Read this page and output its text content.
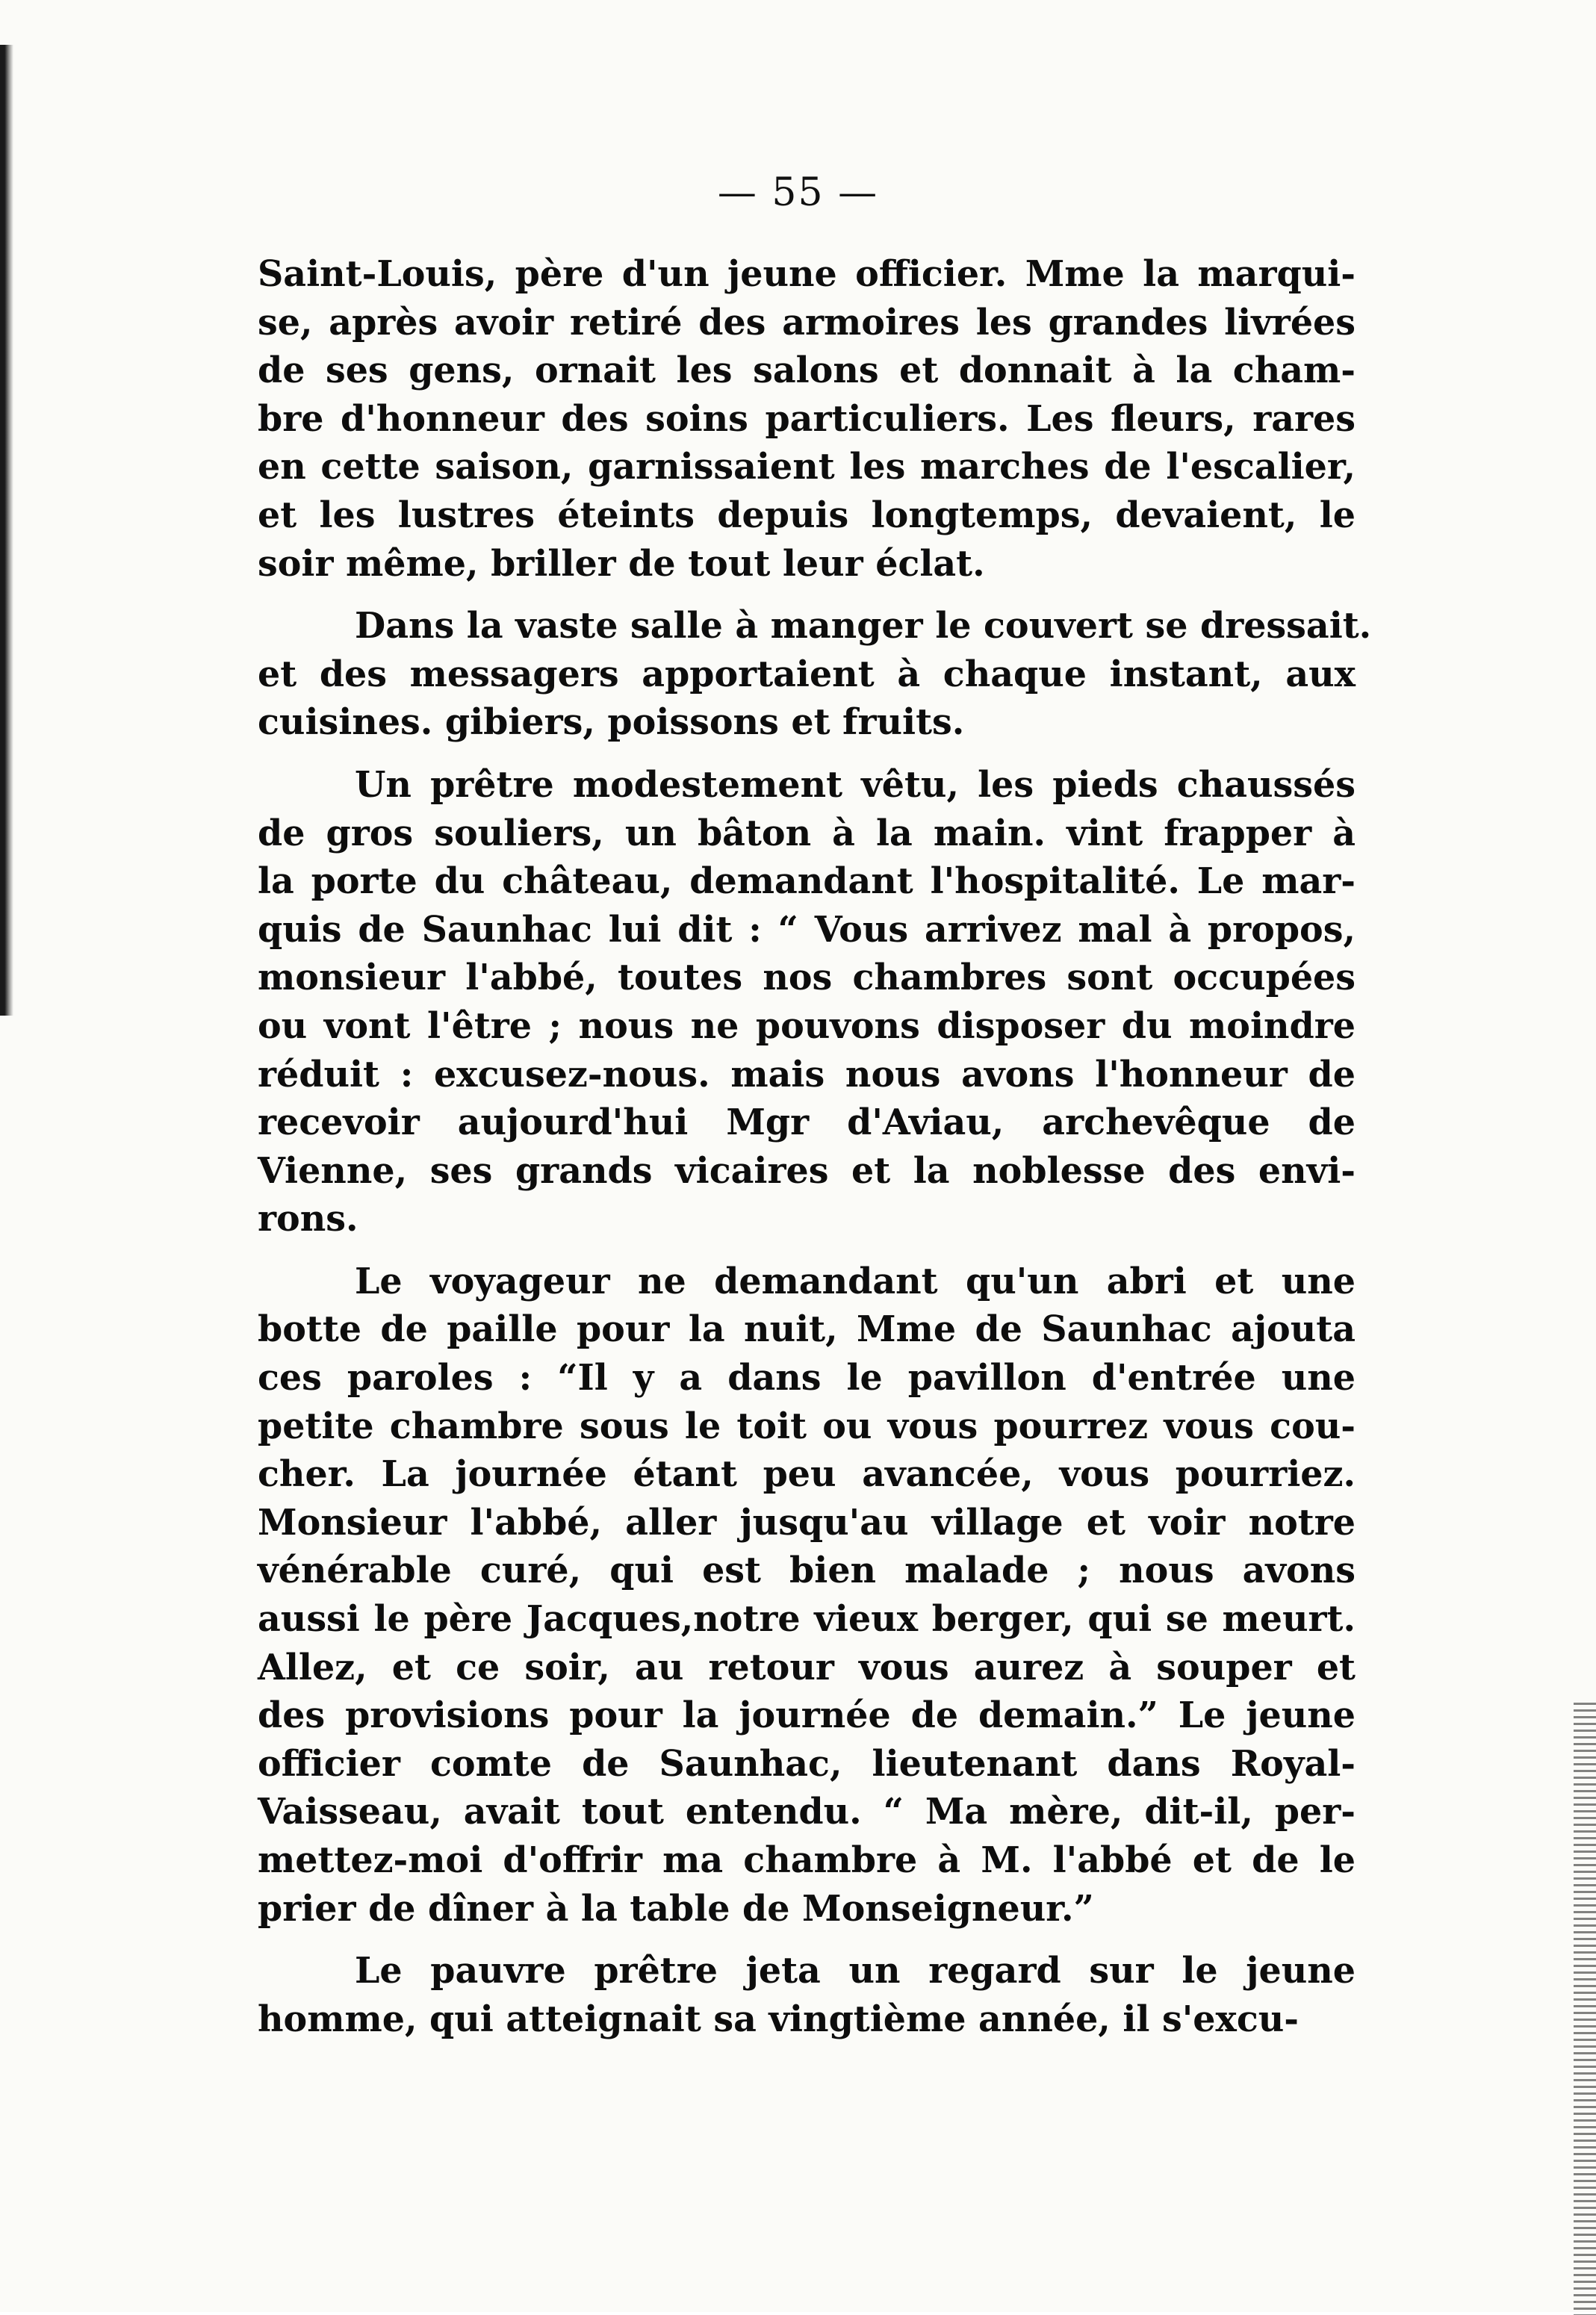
— 55 —
Saint-Louis, père d'un jeune officier. Mme la marqui-
se, après avoir retiré des armoires les grandes livrées
de ses gens, ornait les salons et donnait à la cham-
bre d'honneur des soins particuliers. Les fleurs, rares
en cette saison, garnissaient les marches de l'escalier,
et les lustres éteints depuis longtemps, devaient, le
soir même, briller de tout leur éclat.
Dans la vaste salle à manger le couvert se dressait.
et des messagers apportaient à chaque instant, aux
cuisines. gibiers, poissons et fruits.
Un prêtre modestement vêtu, les pieds chaussés
de gros souliers, un bâton à la main. vint frapper à
la porte du château, demandant l'hospitalité. Le mar-
quis de Saunhac lui dit : “ Vous arrivez mal à propos,
monsieur l'abbé, toutes nos chambres sont occupées
ou vont l'être ; nous ne pouvons disposer du moindre
réduit : excusez-nous. mais nous avons l'honneur de
recevoir aujourd'hui Mgr d'Aviau, archevêque de
Vienne, ses grands vicaires et la noblesse des envi-
rons.
Le voyageur ne demandant qu'un abri et une
botte de paille pour la nuit, Mme de Saunhac ajouta
ces paroles : “Il y a dans le pavillon d'entrée une
petite chambre sous le toit ou vous pourrez vous cou-
cher. La journée étant peu avancée, vous pourriez.
Monsieur l'abbé, aller jusqu'au village et voir notre
vénérable curé, qui est bien malade ; nous avons
aussi le père Jacques,notre vieux berger, qui se meurt.
Allez, et ce soir, au retour vous aurez à souper et
des provisions pour la journée de demain.” Le jeune
officier comte de Saunhac, lieutenant dans Royal-
Vaisseau, avait tout entendu. “ Ma mère, dit-il, per-
mettez-moi d'offrir ma chambre à M. l'abbé et de le
prier de dîner à la table de Monseigneur.”
Le pauvre prêtre jeta un regard sur le jeune
homme, qui atteignait sa vingtième année, il s'excu-
